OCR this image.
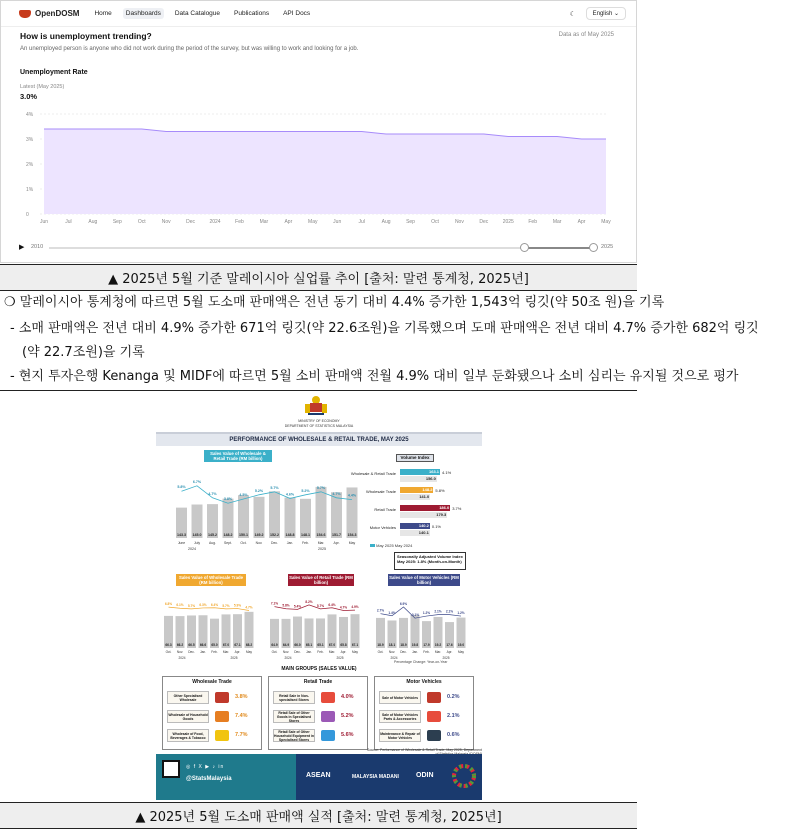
OpenDOSM	Home	Dashboards	Data Catalogue	Publications	API Docs	☾	English ⌄
How is unemployment trending?	Data as of May 2025
An unemployed person is anyone who did not work during the period of the survey, but was willing to work and looking for a job.
Unemployment Rate
Latest (May 2025)
3.0%
4%
3%
2%
1%
0
Jun	Jul	Aug	Sep	Oct	Nov	Dec	2024	Feb	Mar	Apr	May	Jun	Jul	Aug	Sep	Oct	Nov	Dec	2025	Feb	Mar	Apr	May
▶ 2010	2025
▲ 2025년 5월 기준 말레이시아 실업률 추이 [출처: 말련 통계청, 2025년]
❍ 말레이시아 통계청에 따르면 5월 도소매 판매액은 전년 동기 대비 4.4% 증가한 1,543억 링깃(약 50조 원)을 기록
- 소매 판매액은 전년 대비 4.9% 증가한 671억 링깃(약 22.6조원)을 기록했으며 도매 판매액은 전년 대비 4.7% 증가한 682억 링깃
(약 22.7조원)을 기록
- 현지 투자은행 Kenanga 및 MIDF에 따르면 5월 소비 판매액 전월 4.9% 대비 일부 둔화됐으나 소비 심리는 유지될 것으로 평가
MINISTRY OF ECONOMY
DEPARTMENT OF STATISTICS MALAYSIA
PERFORMANCE OF WHOLESALE & RETAIL TRADE, MAY 2025
Sales Value of Wholesale & Retail Trade (RM billion)
143.3
June
5.8%
145.0
July
6.7%
145.2
Aug.
4.7%
148.2
Sept.
3.8%
150.1
Oct.
4.5%
149.2
Nov.
5.2%
152.2
Dec.
5.7%
148.8
Jan.
4.6%
148.1
Feb.
5.2%
154.6
Mar.
5.7%
151.7
Apr.
4.7%
154.3
May
4.4%
2024	2025
Volume Index
Wholesale & Retail Trade	163.1
156.0
4.1%
Wholesale Trade	148.2
141.0
5.8%
Retail Trade	186.0
179.3
3.7%
Motor Vehicles	140.2
140.1
0.1%
May 2025 May 2024
Seasonally Adjusted Volume Index May 2025: 1.8% (Month-on-Month)
Sales Value of Wholesale Trade (RM billion)
Sales Value of Retail Trade (RM billion)
Sales Value of Motor Vehicles (RM billion)
66.3
Oct.
6.8%
66.2
Nov.
6.1%
66.5
Dec.
5.7%
66.6
Jan.
6.3%
65.0
Feb.
6.4%
67.0
Mar.
5.7%
67.1
Apr.
5.9%
68.2
May
4.7%
2024	2025
64.9
Oct.
7.1%
64.9
Nov.
5.8%
66.0
Dec.
5.4%
65.1
Jan.
8.2%
65.1
Feb.
5.7%
67.0
Mar.
6.4%
65.8
Apr.
4.7%
67.1
May
4.9%
2024	2025
18.9
Oct.
2.7%
18.1
Nov.
1.4%
18.9
Dec.
6.9%
19.8
Jan.
-0.1%
17.9
Feb.
1.2%
19.2
Mar.
2.1%
17.6
Apr.
2.1%
19.0
May
1.2%
2024	2025
Percentage Change: Year-on-Year
MAIN GROUPS (SALES VALUE)
Wholesale Trade
Other Specialised Wholesale	3.8%
Wholesale of Household Goods	7.4%
Wholesale of Food, Beverages & Tobacco	7.7%
Retail Trade
Retail Sale in Non-specialised Stores	4.0%
Retail Sale of Other Goods in Specialised Stores
5.2%
Retail Sale of Other Household Equipment in Specialised Stores
5.6%
Motor Vehicles
Sale of Motor Vehicles	0.2%
Sale of Motor Vehicles Parts & Accessories	2.1%
Maintenance & Repair of Motor Vehicles	0.6%
Source: Performance of Wholesale & Retail Trade, May 2025, Department
◎ f X ▶ ♪ in
@StatsMalaysia	ASEAN	MALAYSIA MADANI ODIN
▲ 2025년 5월 도소매 판매액 실적 [출처: 말련 통계청, 2025년]
